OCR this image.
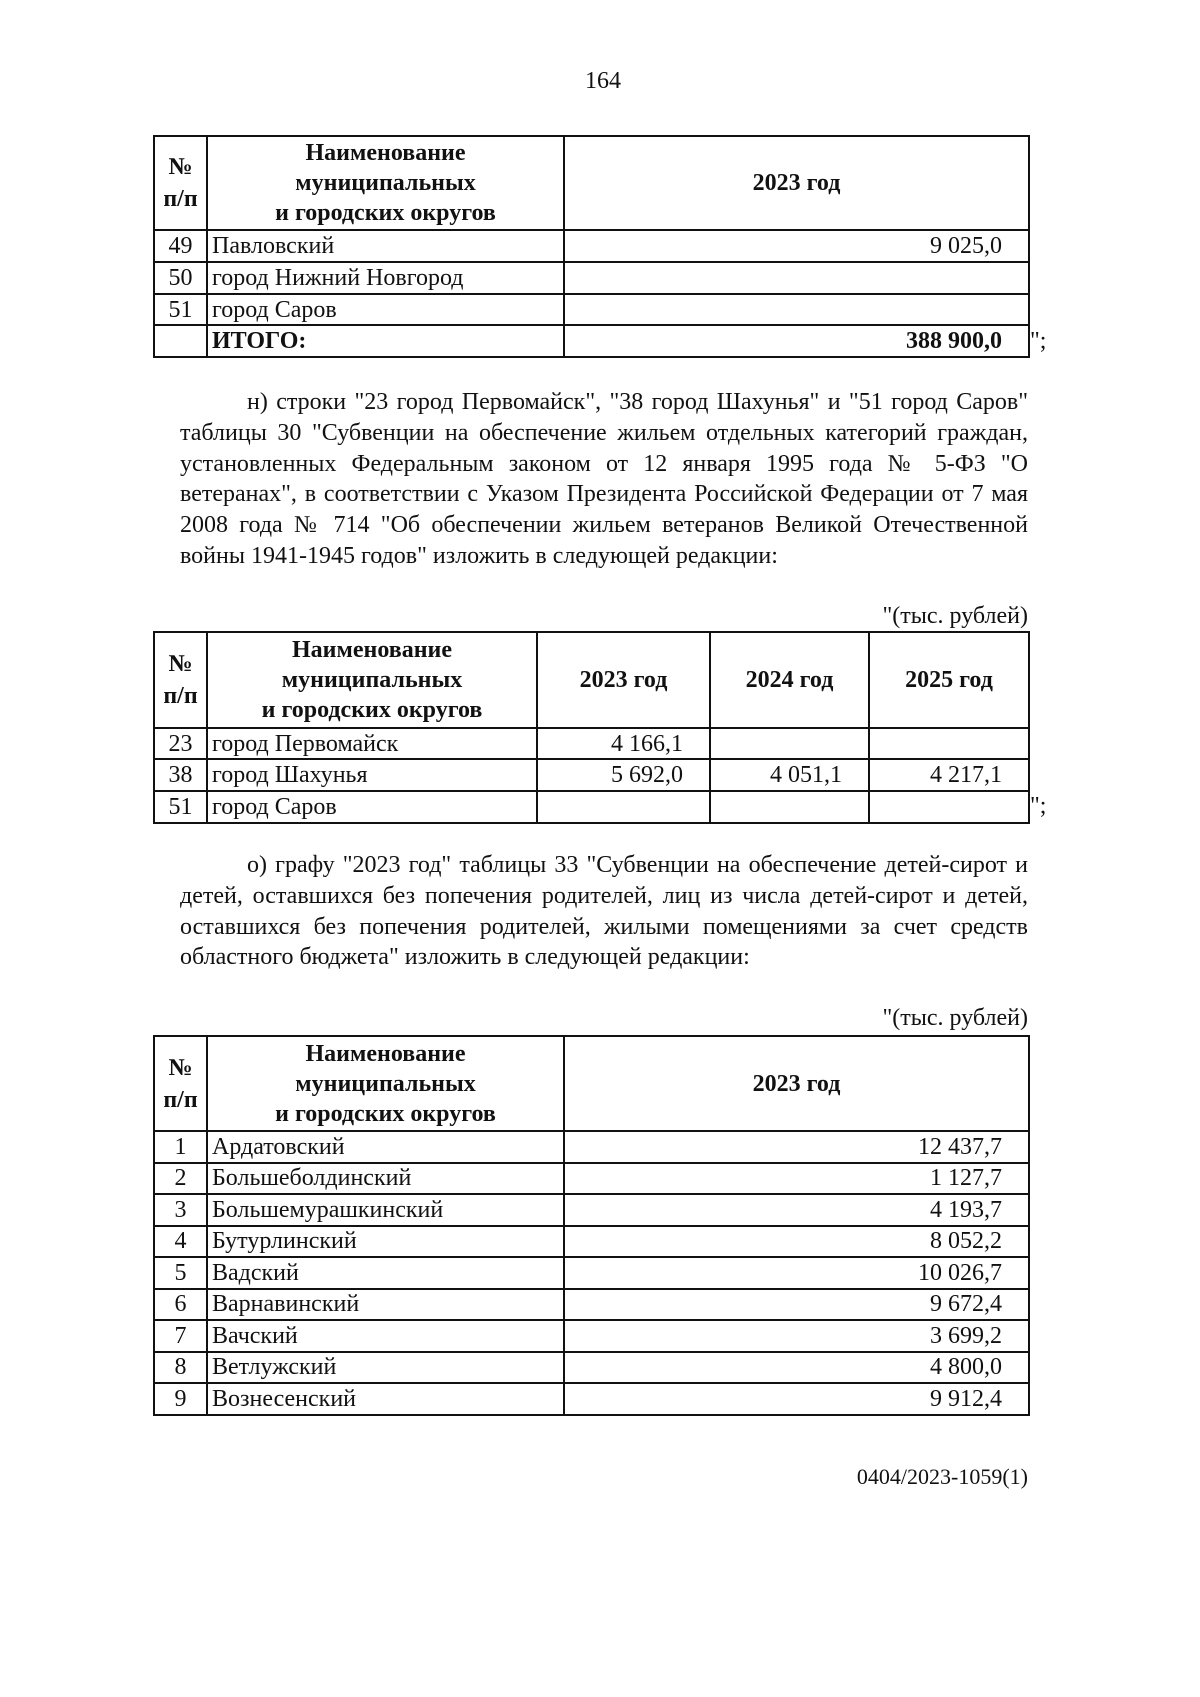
164
№ п/п	Наименование
муниципальных
и городских округов	2023 год
49	Павловский	9 025,0
50	город Нижний Новгород	
51	город Саров	
	ИТОГО:	388 900,0 ";
н) строки "23 город Первомайск", "38 город Шахунья" и "51 город Саров" таблицы 30 "Субвенции на обеспечение жильем отдельных категорий граждан, установленных Федеральным законом от 12 января 1995 года № 5-ФЗ "О ветеранах", в соответствии с Указом Президента Российской Федерации от 7 мая 2008 года № 714 "Об обеспечении жильем ветеранов Великой Отечественной войны 1941-1945 годов" изложить в следующей редакции:
"(тыс. рублей)
№ п/п	Наименование
муниципальных
и городских округов	2023 год	2024 год	2025 год
23	город Первомайск	4 166,1		
38	город Шахунья	5 692,0	4 051,1	4 217,1
51	город Саров				";
о) графу "2023 год" таблицы 33 "Субвенции на обеспечение детей-сирот и детей, оставшихся без попечения родителей, лиц из числа детей-сирот и детей, оставшихся без попечения родителей, жилыми помещениями за счет средств областного бюджета" изложить в следующей редакции:
"(тыс. рублей)
№ п/п	Наименование
муниципальных
и городских округов	2023 год
1	Ардатовский	12 437,7
2	Большеболдинский	1 127,7
3	Большемурашкинский	4 193,7
4	Бутурлинский	8 052,2
5	Вадский	10 026,7
6	Варнавинский	9 672,4
7	Вачский	3 699,2
8	Ветлужский	4 800,0
9	Вознесенский	9 912,4
0404/2023-1059(1)
